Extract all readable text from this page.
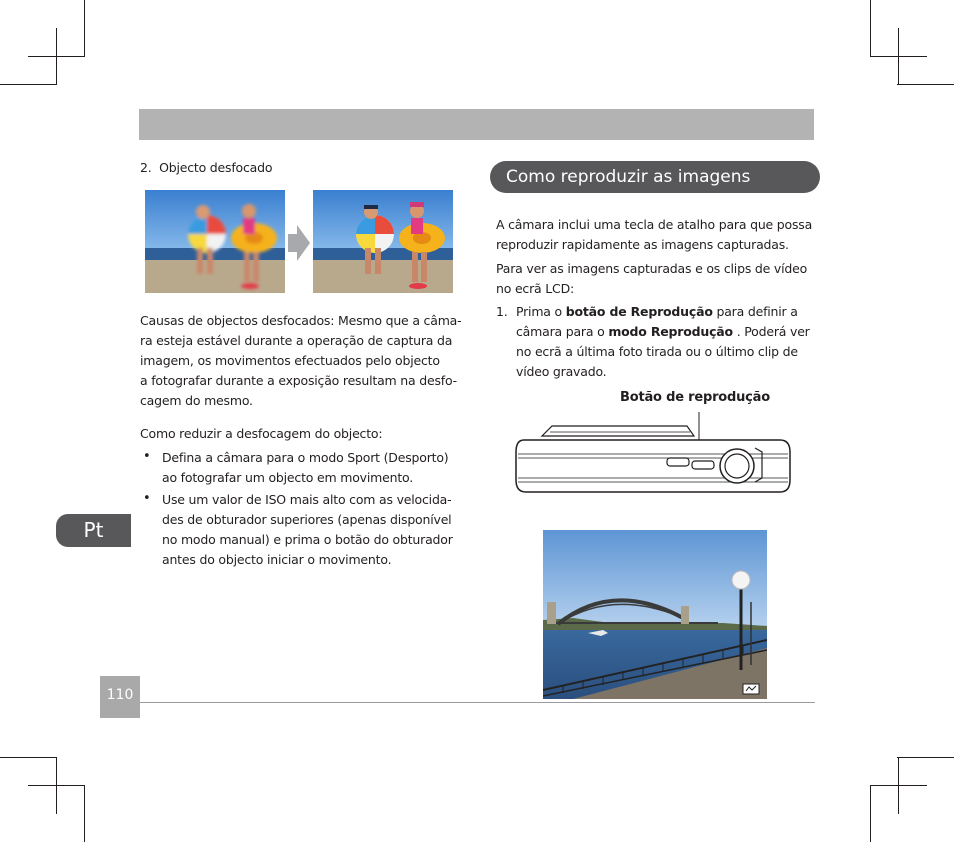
2. Objecto desfocado

Causas de objectos desfocados: Mesmo que a câma-

ra esteja estável durante a operação de captura da

imagem, os movimentos efectuados pelo objecto

a fotografar durante a exposição resultam na desfo-

cagem do mesmo.

Como reduzir a desfocagem do objecto:
• Defina a câmara para o modo Sport (Desporto)

ao fotografar um objecto em movimento.

• Use um valor de ISO mais alto com as velocida-

des de obturador superiores (apenas disponível

no modo manual) e prima o botão do obturador

antes do objecto iniciar o movimento.

Como reproduzir as imagens

A câmara inclui uma tecla de atalho para que possa

reproduzir rapidamente as imagens capturadas.

Para ver as imagens capturadas e os clips de vídeo

no ecrã LCD:

1. Prima o botão de Reprodução para definir a

câmara para o modo Reprodução . Poderá ver

no ecrã a última foto tirada ou o último clip de

vídeo gravado.

Botão de reprodução
Pt
110
